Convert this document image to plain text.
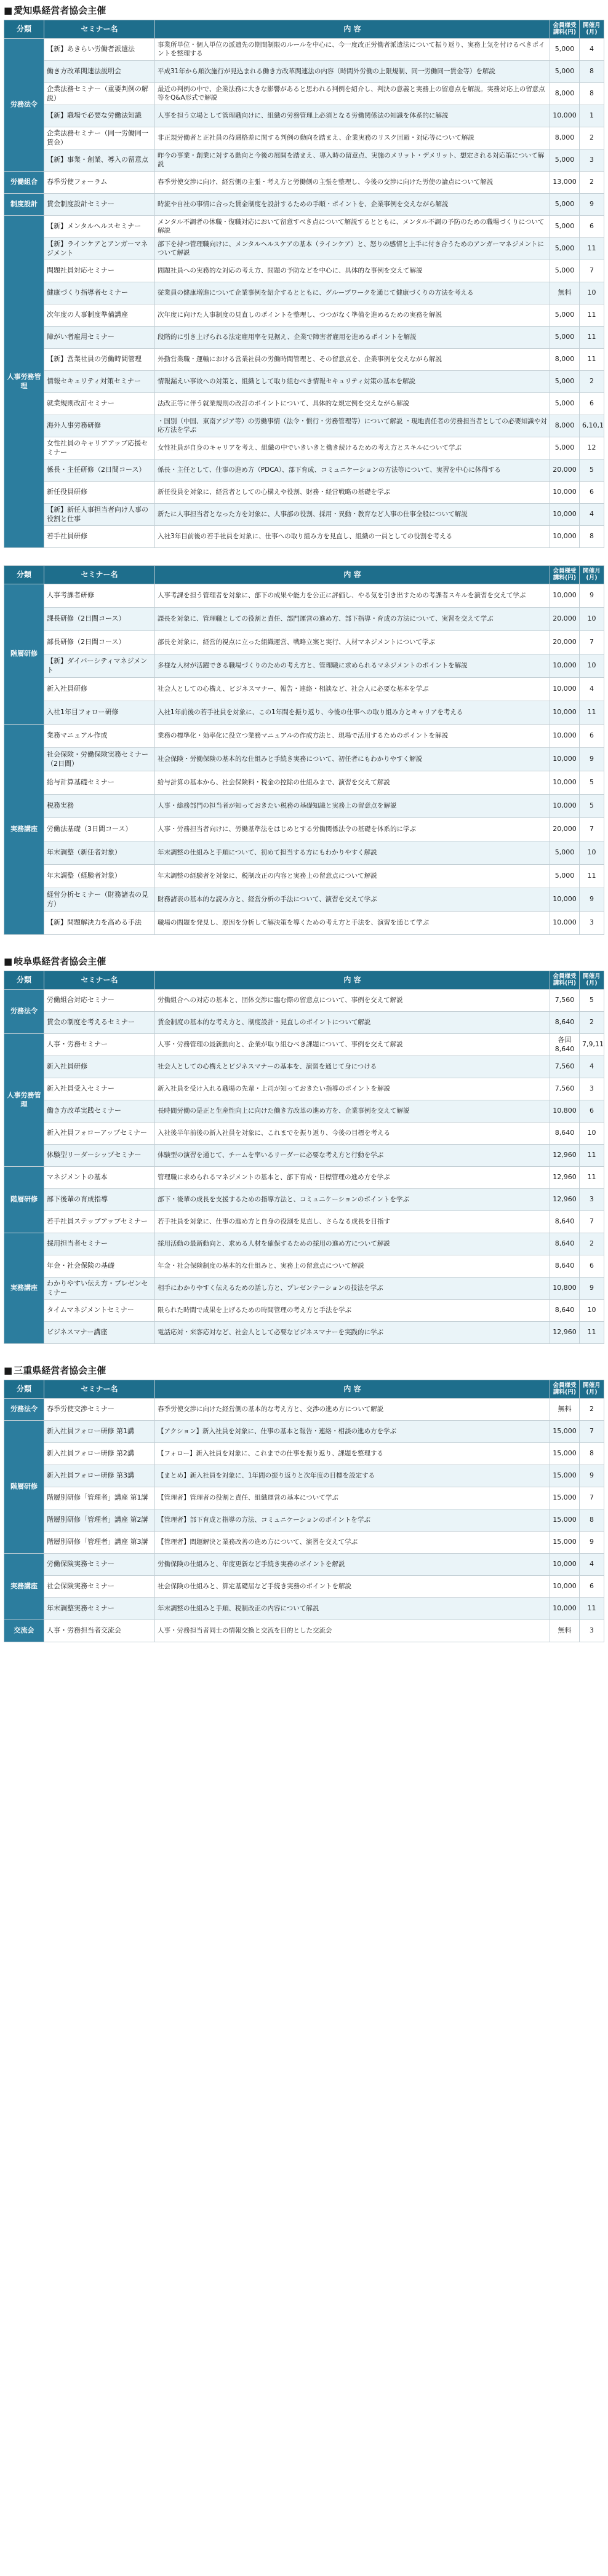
■ 愛知県経営者協会主催
分類	セミナー名	内 容	会員様受講料(円)	開催月(月)
労務法令	【新】あきらい労働者派遣法	事業所単位・個人単位の派遣先の期間制限のルールを中心に、今一度改正労働者派遣法について振り返り、実務上気を付けるべきポイントを整理する	5,000	4
	働き方改革関連法説明会	平成31年から順次施行が見込まれる働き方改革関連法の内容（時間外労働の上限規制、同一労働同一賃金等）を解説	5,000	8
	企業法務セミナー（重要判例の解説）	最近の判例の中で、企業法務に大きな影響があると思われる判例を紹介し、判決の意義と実務上の留意点を解説。実務対応上の留意点等をQ&A形式で解説	8,000	8
	【新】職場で必要な労働法知識	人事を担う立場として管理職向けに、組織の労務管理上必須となる労働関係法の知識を体系的に解説	10,000	1
	企業法務セミナー（同一労働同一賃金）	非正規労働者と正社員の待遇格差に関する判例の動向を踏まえ、企業実務のリスク回避・対応等について解説	8,000	2
	【新】事業・創業、導入の留意点	昨今の事業・創業に対する動向と今後の展開を踏まえ、導入時の留意点、実施のメリット・デメリット、想定される対応策について解説	5,000	3
労働組合	春季労使フォーラム	春季労使交渉に向け、経営側の主張・考え方と労働側の主張を整理し、今後の交渉に向けた労使の論点について解説	13,000	2
制度設計	賃金制度設計セミナー	時流や自社の事情に合った賃金制度を設計するための手順・ポイントを、企業事例を交えながら解説	5,000	9
人事労務管理	【新】メンタルヘルスセミナー	メンタル不調者の休職・復職対応において留意すべき点について解説するとともに、メンタル不調の予防のための職場づくりについて解説	5,000	6
	【新】ラインケアとアンガーマネジメント	部下を持つ管理職向けに、メンタルヘルスケアの基本（ラインケア）と、怒りの感情と上手に付き合うためのアンガーマネジメントについて解説	5,000	11
	問題社員対応セミナー	問題社員への実務的な対応の考え方、問題の予防などを中心に、具体的な事例を交えて解説	5,000	7
	健康づくり指導者セミナー	従業員の健康増進について企業事例を紹介するとともに、グループワークを通じて健康づくりの方法を考える	無料	10
	次年度の人事制度準備講座	次年度に向けた人事制度の見直しのポイントを整理し、つつがなく準備を進めるための実務を解説	5,000	11
	障がい者雇用セミナー	段階的に引き上げられる法定雇用率を見据え、企業で障害者雇用を進めるポイントを解説	5,000	11
	【新】営業社員の労働時間管理	外勤営業職・運輸における営業社員の労働時間管理と、その留意点を、企業事例を交えながら解説	8,000	11
	情報セキュリティ対策セミナー	情報漏えい事故への対策と、組織として取り組むべき情報セキュリティ対策の基本を解説	5,000	2
	就業規則改訂セミナー	法改正等に伴う就業規則の改訂のポイントについて、具体的な規定例を交えながら解説	5,000	6
	海外人事労務研修	・国別（中国、東南アジア等）の労働事情（法令・慣行・労務管理等）について解説 ・現地責任者の労務担当者としての必要知識や対応方法を学ぶ	8,000	6,10,1
	女性社員のキャリアアップ応援セミナー	女性社員が自身のキャリアを考え、組織の中でいきいきと働き続けるための考え方とスキルについて学ぶ	5,000	12
	係長・主任研修（2日間コース）	係長・主任として、仕事の進め方（PDCA）、部下育成、コミュニケーションの方法等について、実習を中心に体得する	20,000	5
	新任役員研修	新任役員を対象に、経営者としての心構えや役割、財務・経営戦略の基礎を学ぶ	10,000	6
	【新】新任人事担当者向け人事の役割と仕事	新たに人事担当者となった方を対象に、人事部の役割、採用・異動・教育など人事の仕事全般について解説	10,000	4
	若手社員研修	入社3年目前後の若手社員を対象に、仕事への取り組み方を見直し、組織の一員としての役割を考える	10,000	8
分類	セミナー名	内 容	会員様受講料(円)	開催月(月)
階層研修	人事考課者研修	人事考課を担う管理者を対象に、部下の成果や能力を公正に評価し、やる気を引き出すための考課者スキルを演習を交えて学ぶ	10,000	9
	課長研修（2日間コース）	課長を対象に、管理職としての役割と責任、部門運営の進め方、部下指導・育成の方法について、実習を交えて学ぶ	20,000	10
	部長研修（2日間コース）	部長を対象に、経営的視点に立った組織運営、戦略立案と実行、人材マネジメントについて学ぶ	20,000	7
	【新】ダイバーシティマネジメント	多様な人材が活躍できる職場づくりのための考え方と、管理職に求められるマネジメントのポイントを解説	10,000	10
	新入社員研修	社会人としての心構え、ビジネスマナー、報告・連絡・相談など、社会人に必要な基本を学ぶ	10,000	4
	入社1年目フォロー研修	入社1年前後の若手社員を対象に、この1年間を振り返り、今後の仕事への取り組み方とキャリアを考える	10,000	11
実務講座	業務マニュアル作成	業務の標準化・効率化に役立つ業務マニュアルの作成方法と、現場で活用するためのポイントを解説	10,000	6
	社会保険・労働保険実務セミナー（2日間）	社会保険・労働保険の基本的な仕組みと手続き実務について、初任者にもわかりやすく解説	10,000	9
	給与計算基礎セミナー	給与計算の基本から、社会保険料・税金の控除の仕組みまで、演習を交えて解説	10,000	5
	税務実務	人事・総務部門の担当者が知っておきたい税務の基礎知識と実務上の留意点を解説	10,000	5
	労働法基礎（3日間コース）	人事・労務担当者向けに、労働基準法をはじめとする労働関係法令の基礎を体系的に学ぶ	20,000	7
	年末調整（新任者対象）	年末調整の仕組みと手順について、初めて担当する方にもわかりやすく解説	5,000	10
	年末調整（経験者対象）	年末調整の経験者を対象に、税制改正の内容と実務上の留意点について解説	5,000	11
	経営分析セミナー（財務諸表の見方）	財務諸表の基本的な読み方と、経営分析の手法について、演習を交えて学ぶ	10,000	9
	【新】問題解決力を高める手法	職場の問題を発見し、原因を分析して解決策を導くための考え方と手法を、演習を通じて学ぶ	10,000	3
■ 岐阜県経営者協会主催
分類	セミナー名	内 容	会員様受講料(円)	開催月(月)
労務法令	労働組合対応セミナー	労働組合への対応の基本と、団体交渉に臨む際の留意点について、事例を交えて解説	7,560	5
	賃金の制度を考えるセミナー	賃金制度の基本的な考え方と、制度設計・見直しのポイントについて解説	8,640	2
人事労務管理	人事・労務セミナー	人事・労務管理の最新動向と、企業が取り組むべき課題について、事例を交えて解説	各回8,640	7,9,11
	新入社員研修	社会人としての心構えとビジネスマナーの基本を、演習を通じて身につける	7,560	4
	新入社員受入セミナー	新入社員を受け入れる職場の先輩・上司が知っておきたい指導のポイントを解説	7,560	3
	働き方改革実践セミナー	長時間労働の是正と生産性向上に向けた働き方改革の進め方を、企業事例を交えて解説	10,800	6
	新入社員フォローアップセミナー	入社後半年前後の新入社員を対象に、これまでを振り返り、今後の目標を考える	8,640	10
	体験型リーダーシップセミナー	体験型の演習を通じて、チームを率いるリーダーに必要な考え方と行動を学ぶ	12,960	11
階層研修	マネジメントの基本	管理職に求められるマネジメントの基本と、部下育成・目標管理の進め方を学ぶ	12,960	11
	部下後輩の育成指導	部下・後輩の成長を支援するための指導方法と、コミュニケーションのポイントを学ぶ	12,960	3
	若手社員ステップアップセミナー	若手社員を対象に、仕事の進め方と自身の役割を見直し、さらなる成長を目指す	8,640	7
実務講座	採用担当者セミナー	採用活動の最新動向と、求める人材を確保するための採用の進め方について解説	8,640	2
	年金・社会保険の基礎	年金・社会保険制度の基本的な仕組みと、実務上の留意点について解説	8,640	6
	わかりやすい伝え方・プレゼンセミナー	相手にわかりやすく伝えるための話し方と、プレゼンテーションの技法を学ぶ	10,800	9
	タイムマネジメントセミナー	限られた時間で成果を上げるための時間管理の考え方と手法を学ぶ	8,640	10
	ビジネスマナー講座	電話応対・来客応対など、社会人として必要なビジネスマナーを実践的に学ぶ	12,960	11
■ 三重県経営者協会主催
分類	セミナー名	内 容	会員様受講料(円)	開催月(月)
労務法令	春季労使交渉セミナー	春季労使交渉に向けた経営側の基本的な考え方と、交渉の進め方について解説	無料	2
階層研修	新入社員フォロー研修 第1講	【アクション】新入社員を対象に、仕事の基本と報告・連絡・相談の進め方を学ぶ	15,000	7
	新入社員フォロー研修 第2講	【フォロー】新入社員を対象に、これまでの仕事を振り返り、課題を整理する	15,000	8
	新入社員フォロー研修 第3講	【まとめ】新入社員を対象に、1年間の振り返りと次年度の目標を設定する	15,000	9
	階層別研修「管理者」講座 第1講	【管理者】管理者の役割と責任、組織運営の基本について学ぶ	15,000	7
	階層別研修「管理者」講座 第2講	【管理者】部下育成と指導の方法、コミュニケーションのポイントを学ぶ	15,000	8
	階層別研修「管理者」講座 第3講	【管理者】問題解決と業務改善の進め方について、演習を交えて学ぶ	15,000	9
実務講座	労働保険実務セミナー	労働保険の仕組みと、年度更新など手続き実務のポイントを解説	10,000	4
	社会保険実務セミナー	社会保険の仕組みと、算定基礎届など手続き実務のポイントを解説	10,000	6
	年末調整実務セミナー	年末調整の仕組みと手順、税制改正の内容について解説	10,000	11
交流会	人事・労務担当者交流会	人事・労務担当者同士の情報交換と交流を目的とした交流会	無料	3
